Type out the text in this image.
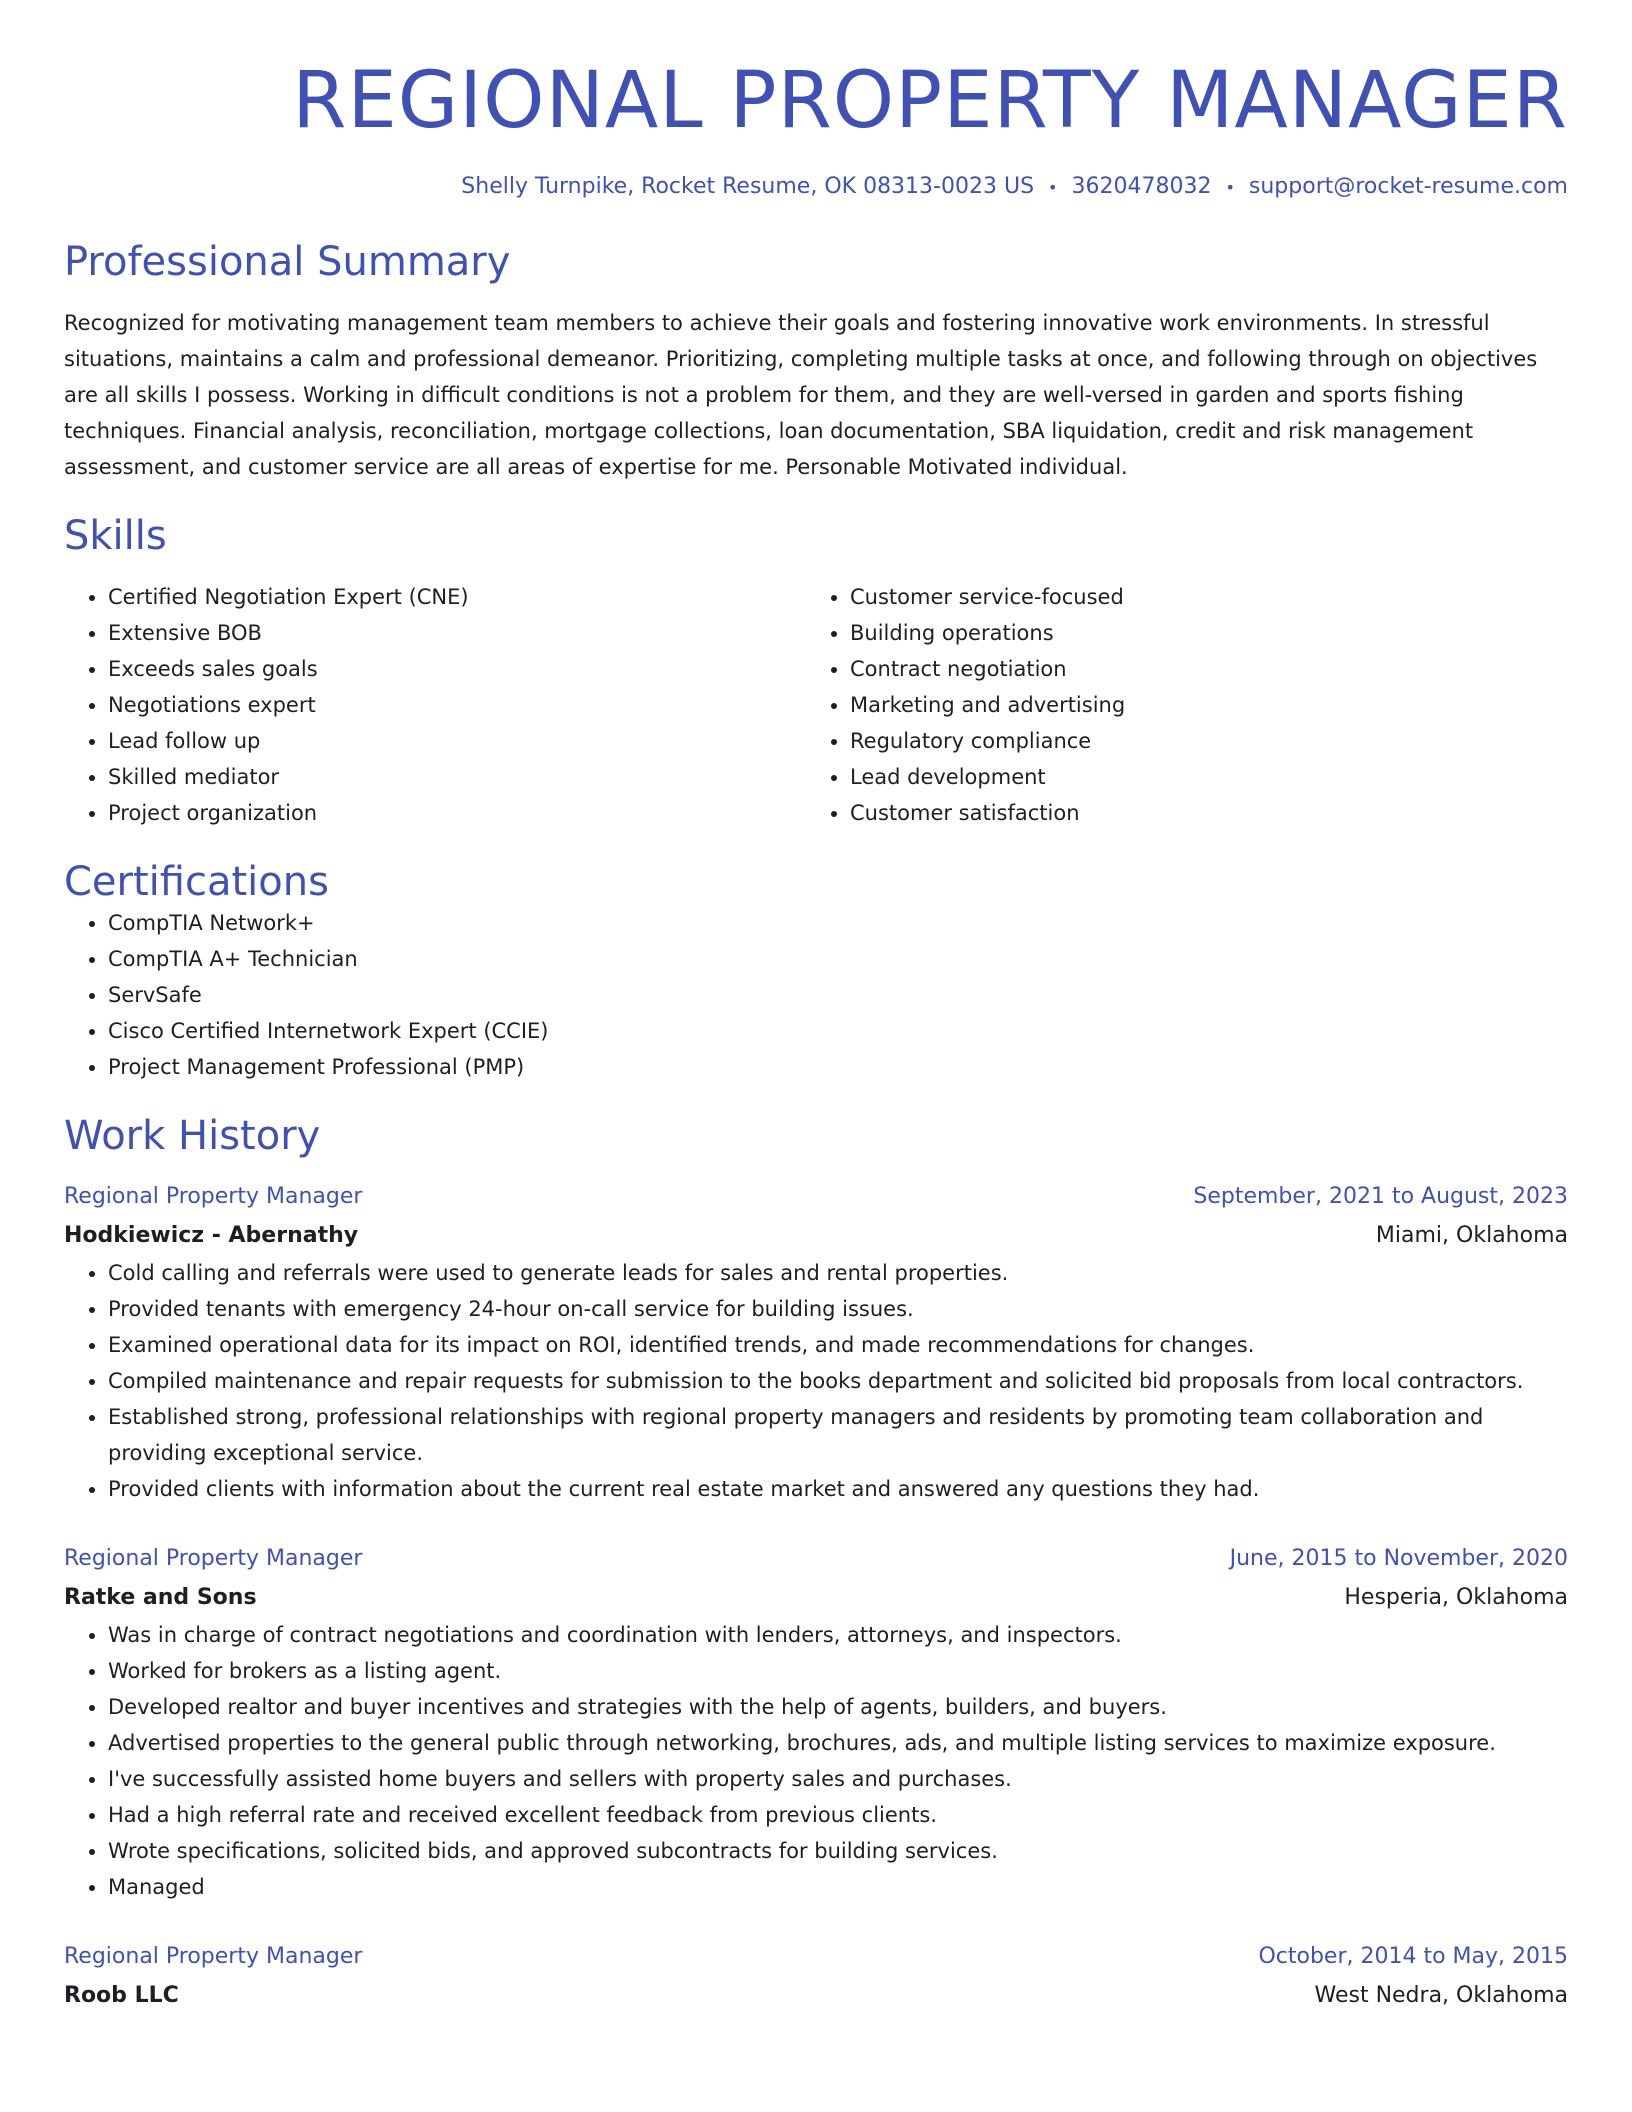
REGIONAL PROPERTY MANAGER
Shelly Turnpike, Rocket Resume, OK 08313-0023 US • 3620478032 • support@rocket-resume.com
Professional Summary
Recognized for motivating management team members to achieve their goals and fostering innovative work environments. In stressful situations, maintains a calm and professional demeanor. Prioritizing, completing multiple tasks at once, and following through on objectives are all skills I possess. Working in difficult conditions is not a problem for them, and they are well-versed in garden and sports fishing techniques. Financial analysis, reconciliation, mortgage collections, loan documentation, SBA liquidation, credit and risk management assessment, and customer service are all areas of expertise for me. Personable Motivated individual.
Skills
• Certified Negotiation Expert (CNE)
• Extensive BOB
• Exceeds sales goals
• Negotiations expert
• Lead follow up
• Skilled mediator
• Project organization
• Customer service-focused
• Building operations
• Contract negotiation
• Marketing and advertising
• Regulatory compliance
• Lead development
• Customer satisfaction
Certifications
• CompTIA Network+
• CompTIA A+ Technician
• ServSafe
• Cisco Certified Internetwork Expert (CCIE)
• Project Management Professional (PMP)
Work History
Regional Property Manager	September, 2021 to August, 2023
Hodkiewicz - Abernathy	Miami, Oklahoma
• Cold calling and referrals were used to generate leads for sales and rental properties.
• Provided tenants with emergency 24-hour on-call service for building issues.
• Examined operational data for its impact on ROI, identified trends, and made recommendations for changes.
• Compiled maintenance and repair requests for submission to the books department and solicited bid proposals from local contractors.
• Established strong, professional relationships with regional property managers and residents by promoting team collaboration and providing exceptional service.
• Provided clients with information about the current real estate market and answered any questions they had.
Regional Property Manager	June, 2015 to November, 2020
Ratke and Sons	Hesperia, Oklahoma
• Was in charge of contract negotiations and coordination with lenders, attorneys, and inspectors.
• Worked for brokers as a listing agent.
• Developed realtor and buyer incentives and strategies with the help of agents, builders, and buyers.
• Advertised properties to the general public through networking, brochures, ads, and multiple listing services to maximize exposure.
• I've successfully assisted home buyers and sellers with property sales and purchases.
• Had a high referral rate and received excellent feedback from previous clients.
• Wrote specifications, solicited bids, and approved subcontracts for building services.
• Managed
Regional Property Manager	October, 2014 to May, 2015
Roob LLC	West Nedra, Oklahoma
